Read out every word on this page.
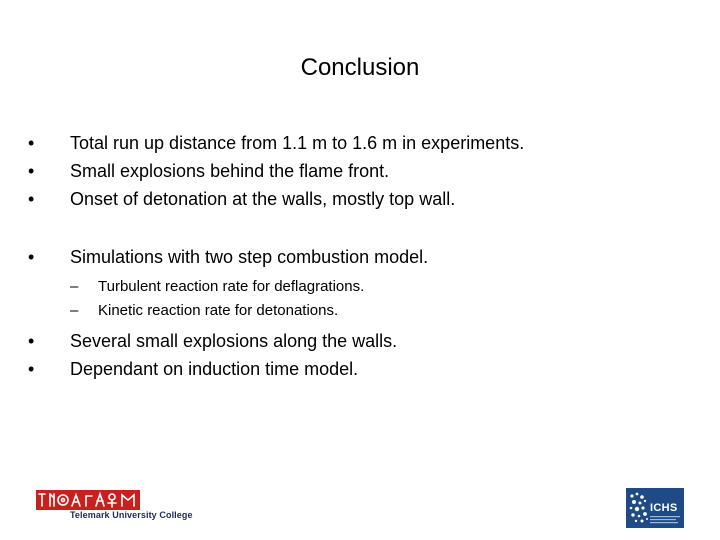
Conclusion
•	Total run up distance from 1.1 m to 1.6 m in experiments.
•	Small explosions behind the flame front.
•	Onset of detonation at the walls, mostly top wall.
•	Simulations with two step combustion model.
– Turbulent reaction rate for deflagrations.
– Kinetic reaction rate for detonations.
•	Several small explosions along the walls.
•	Dependant on induction time model.
Telemark University College
ICHS
